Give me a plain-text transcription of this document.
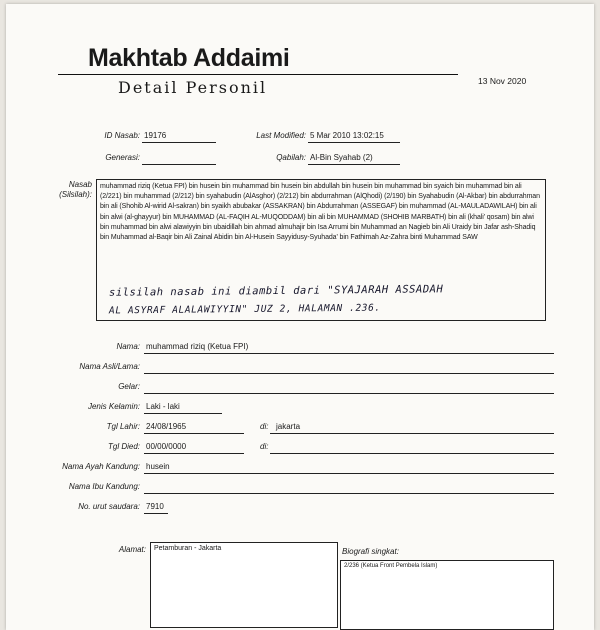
Makhtab Addaimi
Detail Personil	13 Nov 2020
ID Nasab: 19176	Last Modified: 5 Mar 2010 13:02:15
Generasi:	Qabilah: Al-Bin Syahab (2)
Nasab
(Silsilah):

muhammad riziq (Ketua FPI) bin husein bin muhammad bin husein bin abdullah bin husein bin muhammad bin syaich bin muhammad bin ali (2/221) bin muhammad (2/212) bin syahabudin (AlAsghor) (2/212) bin abdurrahman (AlQhodi) (2/190) bin Syahabudin (Al-Akbar) bin abdurrahman bin ali (Shohib Al-wirid Al-sakran) bin syaikh abubakar (ASSAKRAN) bin Abdurrahman (ASSEGAF) bin muhammad (AL-MAULADAWILAH) bin ali bin alwi (al-ghayyur) bin MUHAMMAD (AL-FAQIH AL-MUQODDAM) bin ali bin MUHAMMAD (SHOHIB MARBATH) bin ali (khali' qosam) bin alwi bin muhammad bin alwi alawiyyin bin ubaidillah bin ahmad almuhajir bin Isa Arrumi bin Muhammad an Nagieb bin Ali Uraidy bin Jafar ash-Shadiq bin Muhammad al-Baqir bin Ali Zainal Abidin bin Al-Husein Sayyidusy-Syuhada' bin Fathimah Az-Zahra binti Muhammad SAW

silsilah nasab ini diambil dari "SYAJARAH ASSADAH
AL ASYRAF ALALAWIYYIN" JUZ 2, HALAMAN .236.
Nama: muhammad riziq (Ketua FPI)
Nama Asli/Lama:
Gelar:
Jenis Kelamin: Laki - laki
Tgl Lahir: 24/08/1965	di: jakarta
Tgl Died: 00/00/0000	di:
Nama Ayah Kandung: husein
Nama Ibu Kandung:
No. urut saudara: 7910
Alamat:	Petamburan - Jakarta	Biografi singkat:
2/236 (Ketua Front Pembela Islam)
